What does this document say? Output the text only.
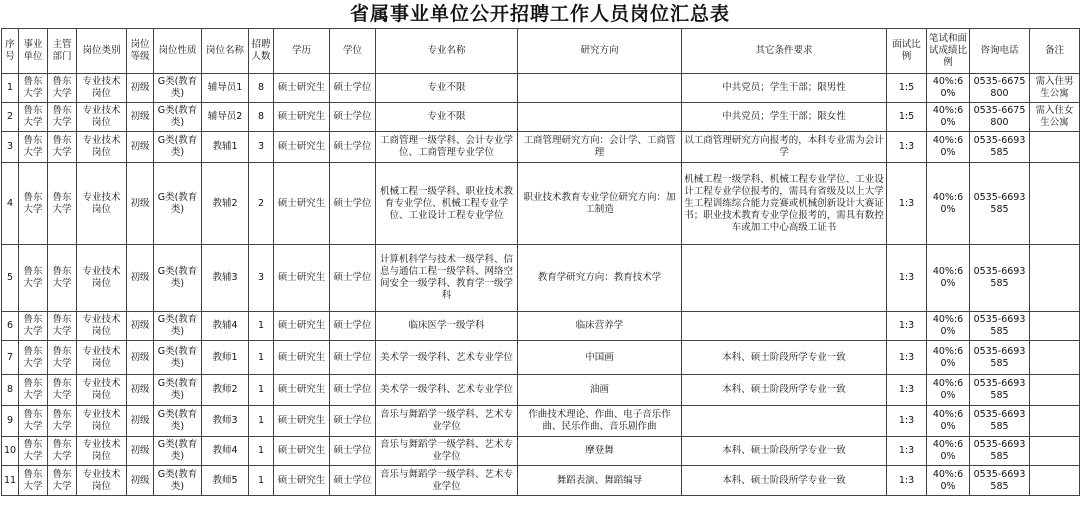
省属事业单位公开招聘工作人员岗位汇总表
序号	事业单位	主管部门	岗位类别	岗位等级	岗位性质	岗位名称	招聘人数	学历	学位	专业名称	研究方向	其它条件要求	面试比例	笔试和面试成绩比例	咨询电话	备注
1	鲁东大学	鲁东大学	专业技术岗位	初级	G类(教育类)	辅导员1	8	硕士研究生	硕士学位	专业不限		中共党员；学生干部；限男性	1:5	40%:60%	0535-6675800	需入住男生公寓
2	鲁东大学	鲁东大学	专业技术岗位	初级	G类(教育类)	辅导员2	8	硕士研究生	硕士学位	专业不限		中共党员；学生干部；限女性	1:5	40%:60%	0535-6675800	需入住女生公寓
3	鲁东大学	鲁东大学	专业技术岗位	初级	G类(教育类)	教辅1	3	硕士研究生	硕士学位	工商管理一级学科、会计专业学位、工商管理专业学位	工商管理研究方向：会计学、工商管理	以工商管理研究方向报考的，本科专业需为会计学	1:3	40%:60%	0535-6693585	
4	鲁东大学	鲁东大学	专业技术岗位	初级	G类(教育类)	教辅2	2	硕士研究生	硕士学位	机械工程一级学科、职业技术教育专业学位、机械工程专业学位、工业设计工程专业学位	职业技术教育专业学位研究方向：加工制造	机械工程一级学科、机械工程专业学位、工业设计工程专业学位报考的，需具有省级及以上大学生工程训练综合能力竞赛或机械创新设计大赛证书；职业技术教育专业学位报考的，需具有数控车或加工中心高级工证书	1:3	40%:60%	0535-6693585	
5	鲁东大学	鲁东大学	专业技术岗位	初级	G类(教育类)	教辅3	3	硕士研究生	硕士学位	计算机科学与技术一级学科、信息与通信工程一级学科、网络空间安全一级学科、教育学一级学科	教育学研究方向：教育技术学		1:3	40%:60%	0535-6693585	
6	鲁东大学	鲁东大学	专业技术岗位	初级	G类(教育类)	教辅4	1	硕士研究生	硕士学位	临床医学一级学科	临床营养学		1:3	40%:60%	0535-6693585	
7	鲁东大学	鲁东大学	专业技术岗位	初级	G类(教育类)	教师1	1	硕士研究生	硕士学位	美术学一级学科、艺术专业学位	中国画	本科、硕士阶段所学专业一致	1:3	40%:60%	0535-6693585	
8	鲁东大学	鲁东大学	专业技术岗位	初级	G类(教育类)	教师2	1	硕士研究生	硕士学位	美术学一级学科、艺术专业学位	油画	本科、硕士阶段所学专业一致	1:3	40%:60%	0535-6693585	
9	鲁东大学	鲁东大学	专业技术岗位	初级	G类(教育类)	教师3	1	硕士研究生	硕士学位	音乐与舞蹈学一级学科、艺术专业学位	作曲技术理论、作曲、电子音乐作曲、民乐作曲、音乐剧作曲		1:3	40%:60%	0535-6693585	
10	鲁东大学	鲁东大学	专业技术岗位	初级	G类(教育类)	教师4	1	硕士研究生	硕士学位	音乐与舞蹈学一级学科、艺术专业学位	摩登舞	本科、硕士阶段所学专业一致	1:3	40%:60%	0535-6693585	
11	鲁东大学	鲁东大学	专业技术岗位	初级	G类(教育类)	教师5	1	硕士研究生	硕士学位	音乐与舞蹈学一级学科、艺术专业学位	舞蹈表演、舞蹈编导	本科、硕士阶段所学专业一致	1:3	40%:60%	0535-6693585	
